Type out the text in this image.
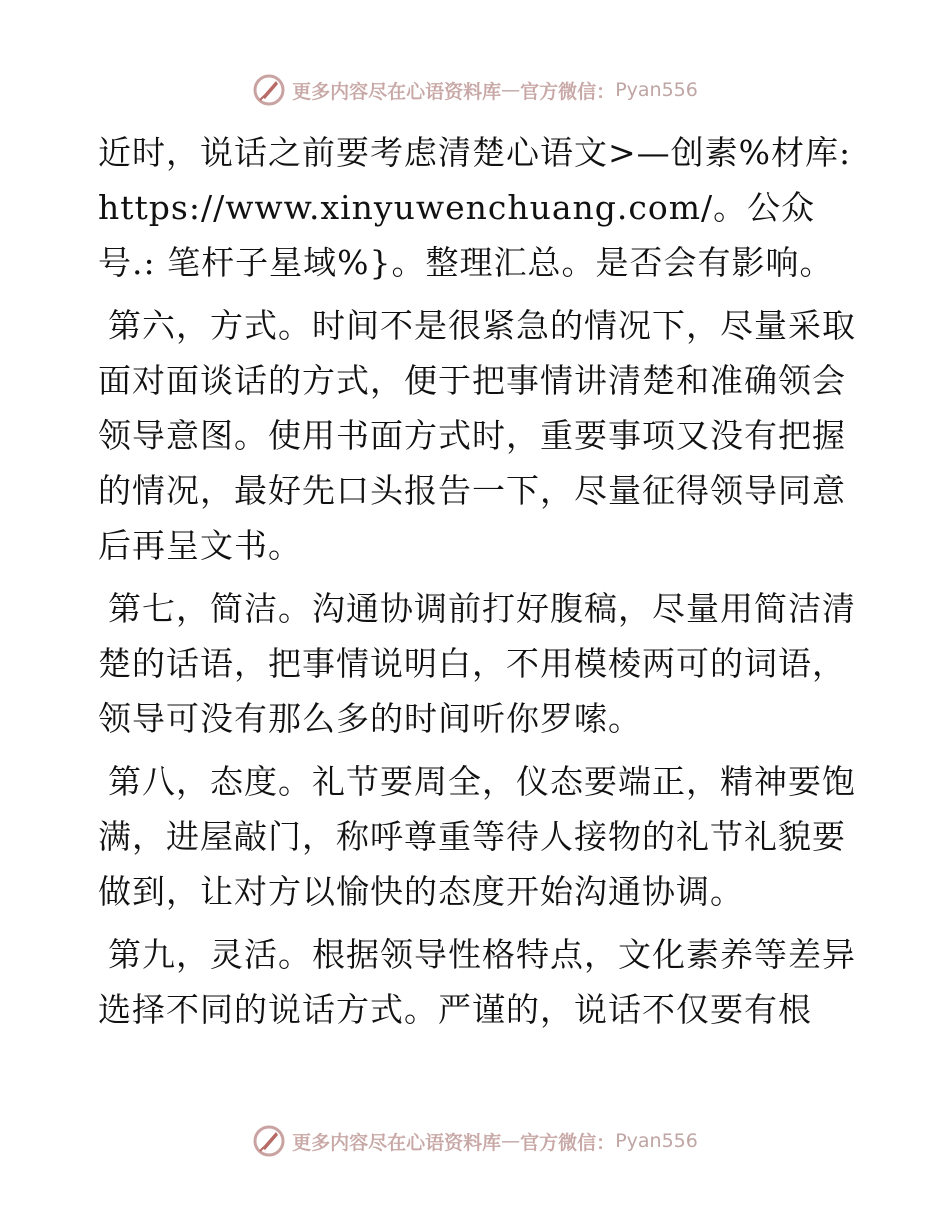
更多内容尽在心语资料库 — 官方微信： Pyan556

近时，说话之前要考虑清楚心语文>—创素%材库: https://www.xinyuwenchuang.com/。公众号.: 笔杆子星域%}。整理汇总。是否会有影响。

第六，方式。时间不是很紧急的情况下，尽量采取面对面谈话的方式，便于把事情讲清楚和准确领会领导意图。使用书面方式时，重要事项又没有把握的情况，最好先口头报告一下，尽量征得领导同意后再呈文书。

第七，简洁。沟通协调前打好腹稿，尽量用简洁清楚的话语，把事情说明白，不用模棱两可的词语，领导可没有那么多的时间听你罗嗦。

第八，态度。礼节要周全，仪态要端正，精神要饱满，进屋敲门，称呼尊重等待人接物的礼节礼貌要做到，让对方以愉快的态度开始沟通协调。

第九，灵活。根据领导性格特点，文化素养等差异选择不同的说话方式。严谨的，说话不仅要有根

更多内容尽在心语资料库 — 官方微信： Pyan556
